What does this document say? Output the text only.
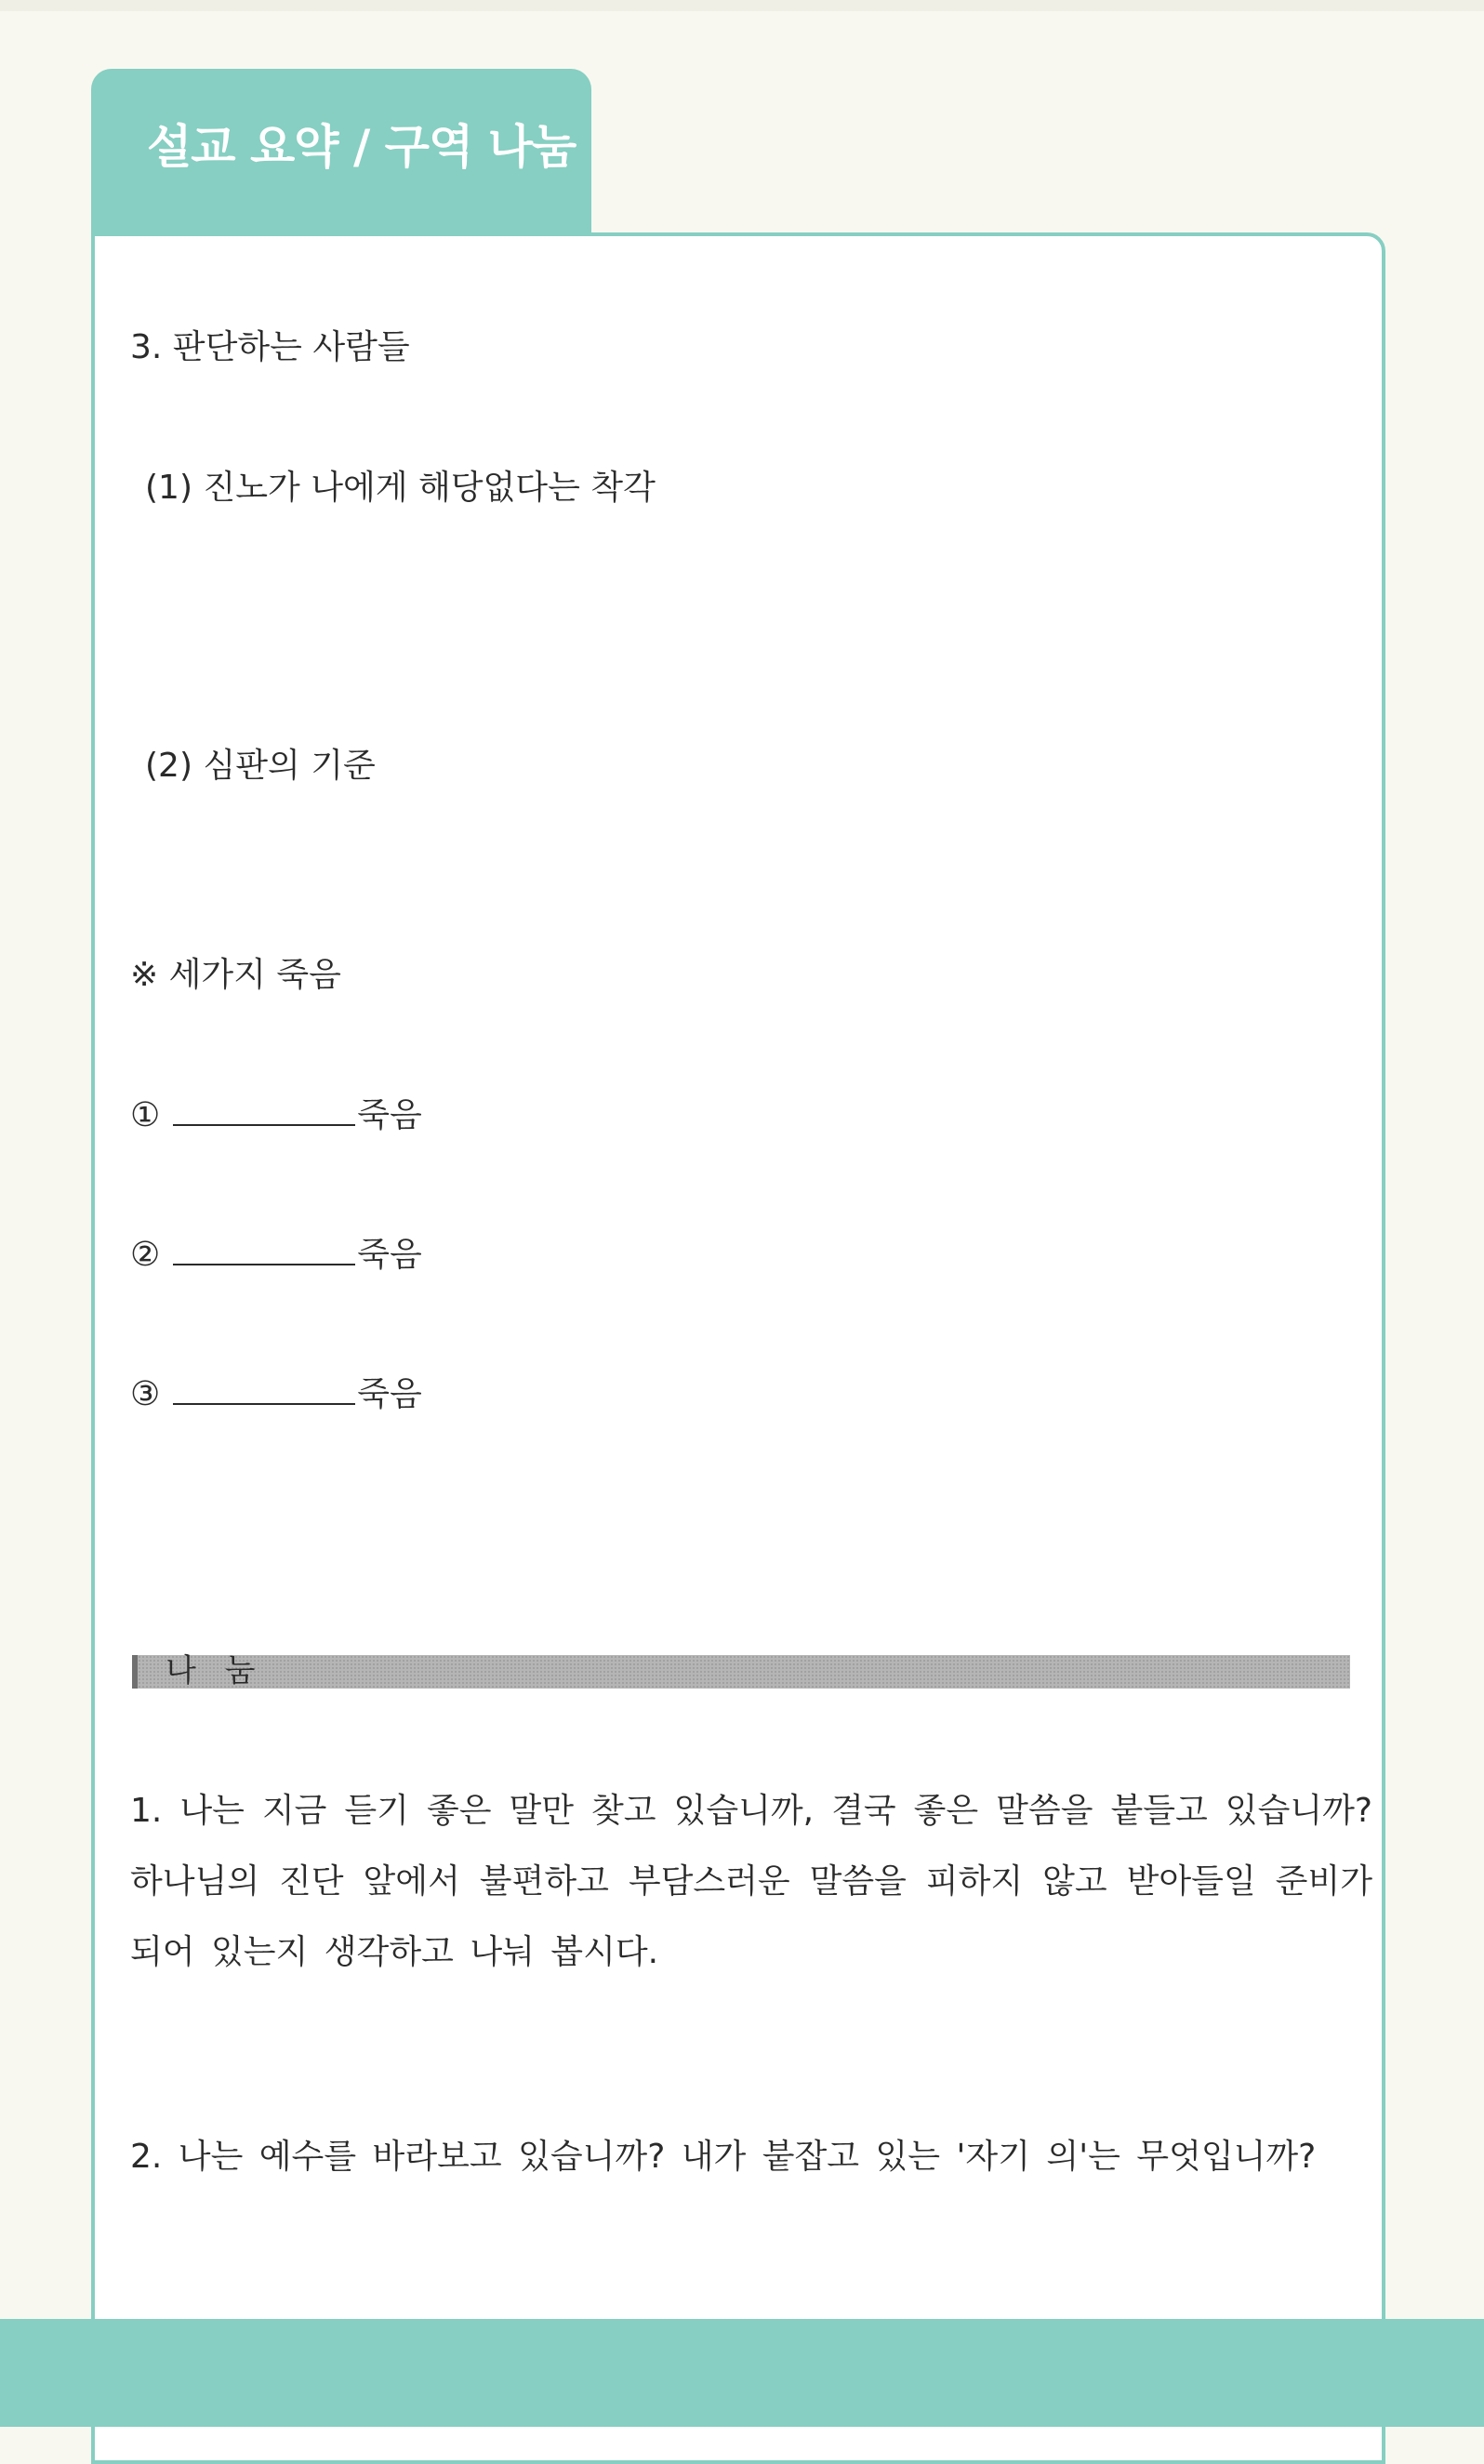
설교 요약 / 구역 나눔
3. 판단하는 사람들
(1) 진노가 나에게 해당없다는 착각
(2) 심판의 기준
※ 세가지 죽음
①	죽음
②	죽음
③	죽음
나 눔
1. 나는 지금 듣기 좋은 말만 찾고 있습니까, 결국 좋은 말씀을 붙들고 있습니까? 하나님의 진단 앞에서 불편하고 부담스러운 말씀을 피하지 않고 받아들일 준비가 되어 있는지 생각하고 나눠 봅시다.
2. 나는 예수를 바라보고 있습니까? 내가 붙잡고 있는 '자기 의'는 무엇입니까?
